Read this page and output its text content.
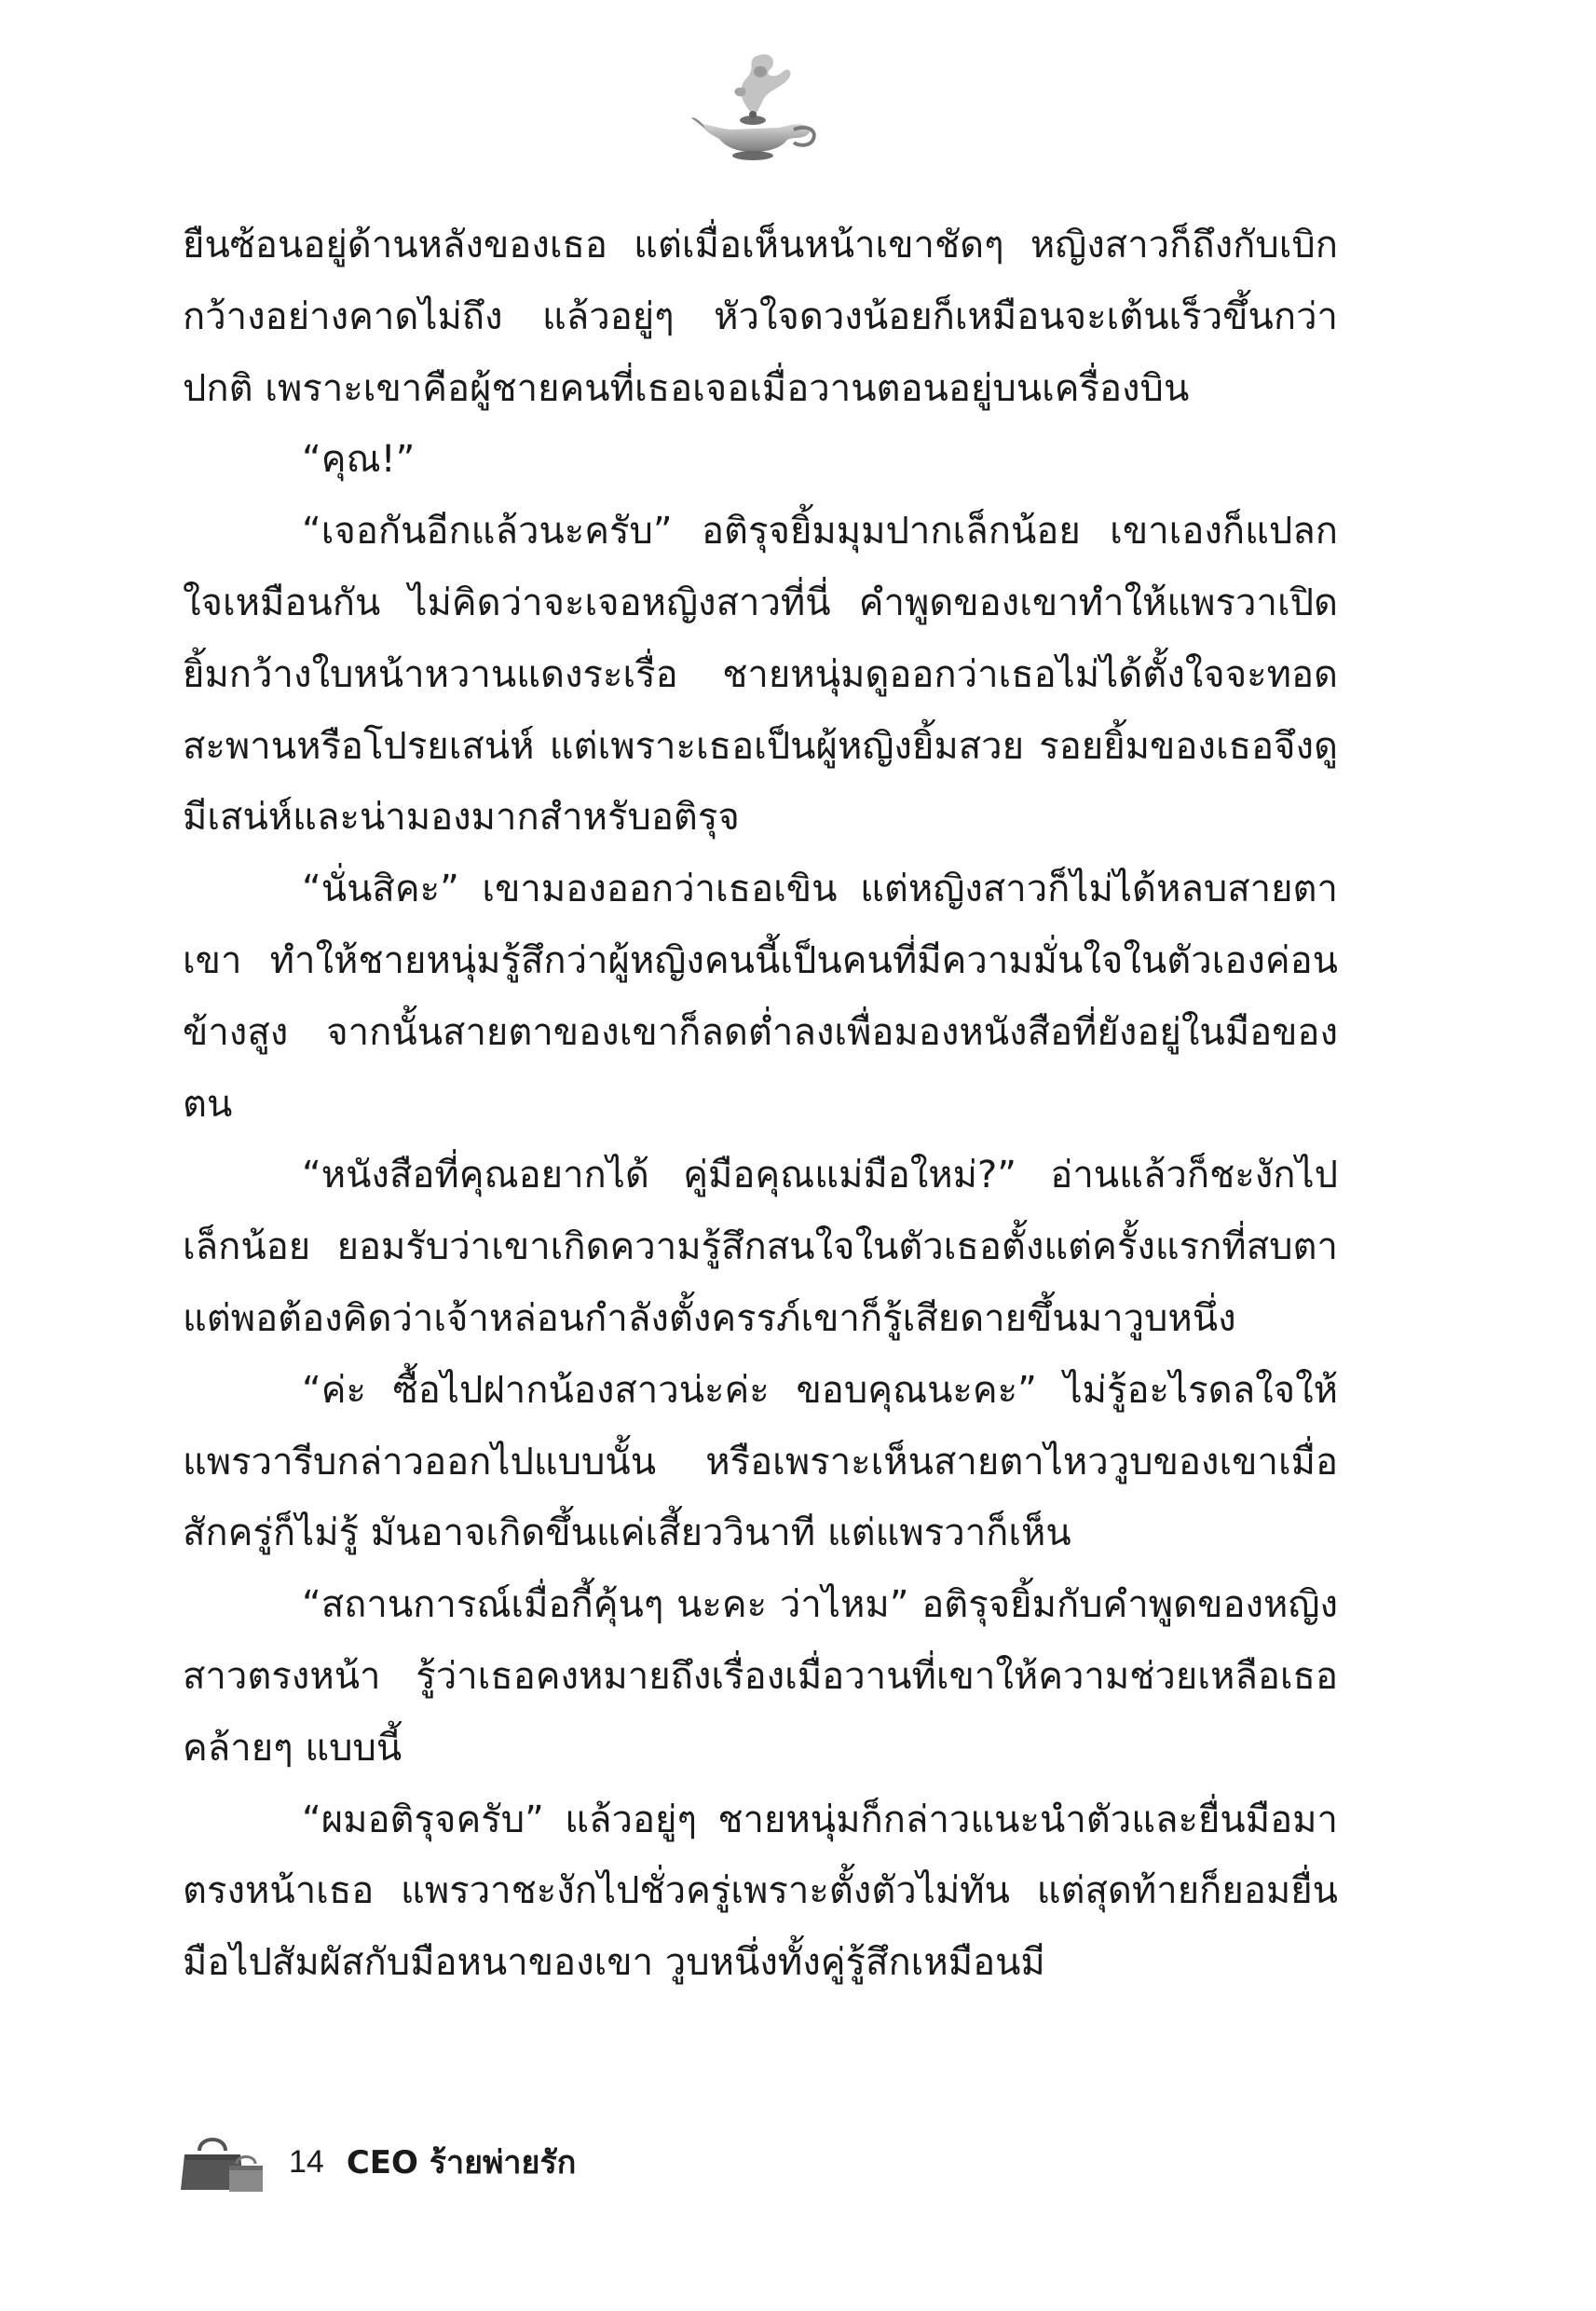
ยืนซ้อนอยู่ด้านหลังของเธอ แต่เมื่อเห็นหน้าเขาชัดๆ หญิงสาวก็ถึงกับเบิกกว้างอย่างคาดไม่ถึง แล้วอยู่ๆ หัวใจดวงน้อยก็เหมือนจะเต้นเร็วขึ้นกว่าปกติ เพราะเขาคือผู้ชายคนที่เธอเจอเมื่อวานตอนอยู่บนเครื่องบิน

“คุณ!”

“เจอกันอีกแล้วนะครับ” อติรุจยิ้มมุมปากเล็กน้อย เขาเองก็แปลกใจเหมือนกัน ไม่คิดว่าจะเจอหญิงสาวที่นี่ คำพูดของเขาทำให้แพรวาเปิดยิ้มกว้างใบหน้าหวานแดงระเรื่อ ชายหนุ่มดูออกว่าเธอไม่ได้ตั้งใจจะทอดสะพานหรือโปรยเสน่ห์ แต่เพราะเธอเป็นผู้หญิงยิ้มสวย รอยยิ้มของเธอจึงดูมีเสน่ห์และน่ามองมากสำหรับอติรุจ

“นั่นสิคะ” เขามองออกว่าเธอเขิน แต่หญิงสาวก็ไม่ได้หลบสายตาเขา ทำให้ชายหนุ่มรู้สึกว่าผู้หญิงคนนี้เป็นคนที่มีความมั่นใจในตัวเองค่อนข้างสูง จากนั้นสายตาของเขาก็ลดต่ำลงเพื่อมองหนังสือที่ยังอยู่ในมือของตน

“หนังสือที่คุณอยากได้ คู่มือคุณแม่มือใหม่?” อ่านแล้วก็ชะงักไปเล็กน้อย ยอมรับว่าเขาเกิดความรู้สึกสนใจในตัวเธอตั้งแต่ครั้งแรกที่สบตา แต่พอต้องคิดว่าเจ้าหล่อนกำลังตั้งครรภ์เขาก็รู้เสียดายขึ้นมาวูบหนึ่ง

“ค่ะ ซื้อไปฝากน้องสาวน่ะค่ะ ขอบคุณนะคะ” ไม่รู้อะไรดลใจให้แพรวารีบกล่าวออกไปแบบนั้น หรือเพราะเห็นสายตาไหววูบของเขาเมื่อสักครู่ก็ไม่รู้ มันอาจเกิดขึ้นแค่เสี้ยววินาที แต่แพรวาก็เห็น

“สถานการณ์เมื่อกี้คุ้นๆ นะคะ ว่าไหม” อติรุจยิ้มกับคำพูดของหญิงสาวตรงหน้า รู้ว่าเธอคงหมายถึงเรื่องเมื่อวานที่เขาให้ความช่วยเหลือเธอคล้ายๆ แบบนี้

“ผมอติรุจครับ” แล้วอยู่ๆ ชายหนุ่มก็กล่าวแนะนำตัวและยื่นมือมาตรงหน้าเธอ แพรวาชะงักไปชั่วครู่เพราะตั้งตัวไม่ทัน แต่สุดท้ายก็ยอมยื่นมือไปสัมผัสกับมือหนาของเขา วูบหนึ่งทั้งคู่รู้สึกเหมือนมี

14 CEO ร้ายพ่ายรัก
